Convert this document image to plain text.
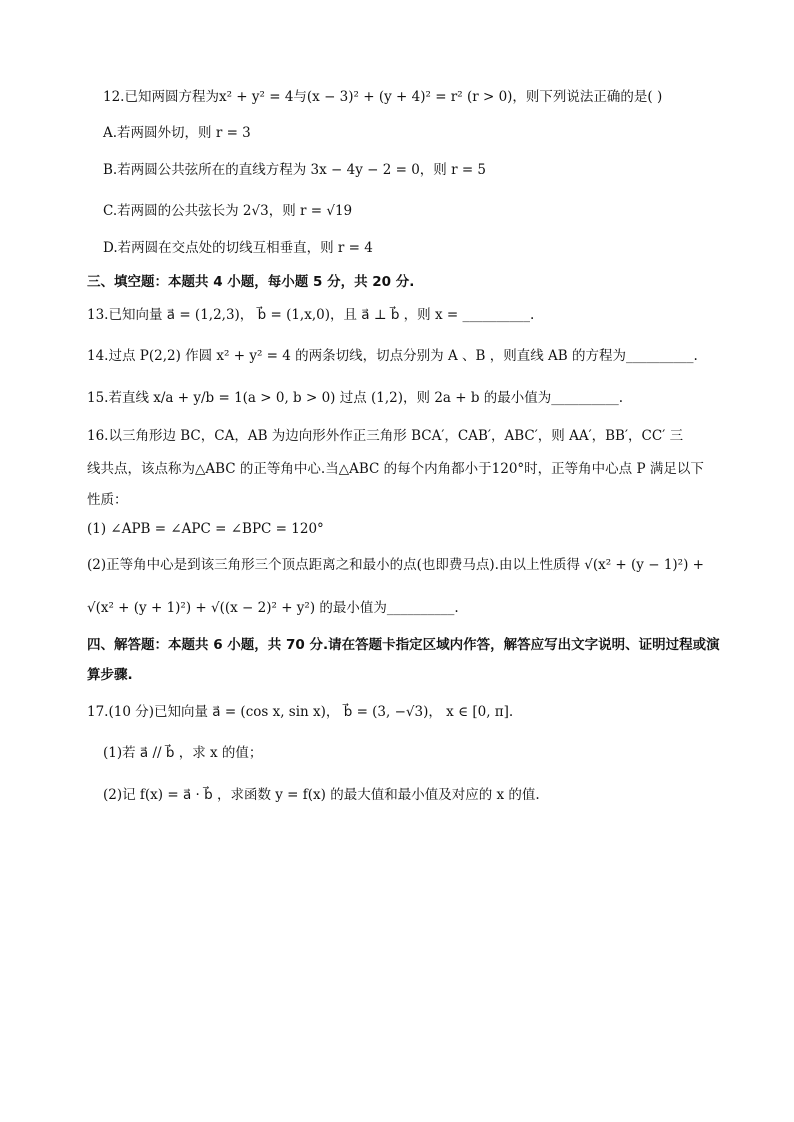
12.已知两圆方程为x² + y² = 4与(x − 3)² + (y + 4)² = r² (r > 0)，则下列说法正确的是( )
A.若两圆外切，则 r = 3
B.若两圆公共弦所在的直线方程为 3x − 4y − 2 = 0，则 r = 5
C.若两圆的公共弦长为 2√3，则 r = √19
D.若两圆在交点处的切线互相垂直，则 r = 4
三、填空题：本题共 4 小题，每小题 5 分，共 20 分.
13.已知向量 a⃗ = (1,2,3)， b⃗ = (1,x,0)，且 a⃗ ⊥ b⃗ ，则 x = __________.
14.过点 P(2,2) 作圆 x² + y² = 4 的两条切线，切点分别为 A 、B ，则直线 AB 的方程为__________.
15.若直线 x/a + y/b = 1(a > 0, b > 0) 过点 (1,2)，则 2a + b 的最小值为__________.
16.以三角形边 BC，CA，AB 为边向形外作正三角形 BCA′，CAB′，ABC′，则 AA′，BB′，CC′ 三
线共点，该点称为△ABC 的正等角中心.当△ABC 的每个内角都小于120°时，正等角中心点 P 满足以下
性质：
(1) ∠APB = ∠APC = ∠BPC = 120°
(2)正等角中心是到该三角形三个顶点距离之和最小的点(也即费马点).由以上性质得 √(x² + (y − 1)²) +
√(x² + (y + 1)²) + √((x − 2)² + y²) 的最小值为__________.
四、解答题：本题共 6 小题，共 70 分.请在答题卡指定区域内作答，解答应写出文字说明、证明过程或演
算步骤.
17.(10 分)已知向量 a⃗ = (cos x, sin x)， b⃗ = (3, −√3)， x ∈ [0, π].
(1)若 a⃗ // b⃗ ，求 x 的值；
(2)记 f(x) = a⃗ · b⃗ ，求函数 y = f(x) 的最大值和最小值及对应的 x 的值.
